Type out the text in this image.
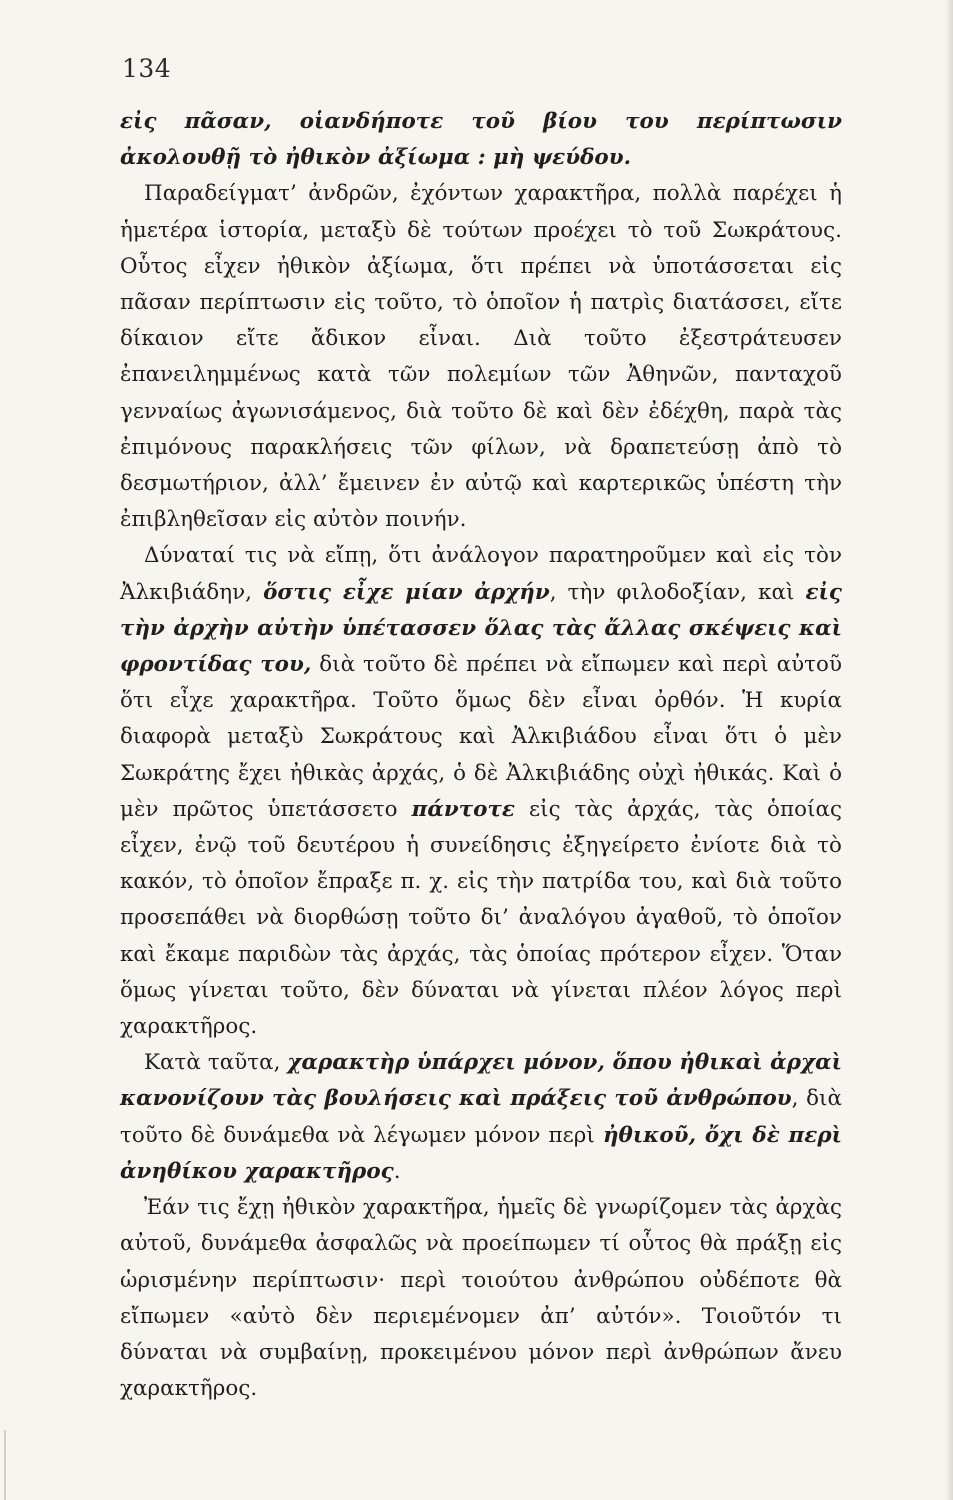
134

εἰς πᾶσαν, οἱανδήποτε τοῦ βίου του περίπτωσιν ἀκολουθῇ τὸ ἠθικὸν ἀξίωμα : μὴ ψεύδου.

Παραδείγματ’ ἀνδρῶν, ἐχόντων χαρακτῆρα, πολλὰ παρέχει ἡ ἡμετέρα ἱστορία, μεταξὺ δὲ τούτων προέχει τὸ τοῦ Σωκράτους. Οὗτος εἶχεν ἠθικὸν ἀξίωμα, ὅτι πρέπει νὰ ὑποτάσσεται εἰς πᾶσαν περίπτωσιν εἰς τοῦτο, τὸ ὁποῖον ἡ πατρὶς διατάσσει, εἴτε δίκαιον εἴτε ἄδικον εἶναι. Διὰ τοῦτο ἐξεστράτευσεν ἐπανειλημμένως κατὰ τῶν πολεμίων τῶν Ἀθηνῶν, πανταχοῦ γενναίως ἀγωνισάμενος, διὰ τοῦτο δὲ καὶ δὲν ἐδέχθη, παρὰ τὰς ἐπιμόνους παρακλήσεις τῶν φίλων, νὰ δραπετεύσῃ ἀπὸ τὸ δεσμωτήριον, ἀλλ’ ἔμεινεν ἐν αὐτῷ καὶ καρτερικῶς ὑπέστη τὴν ἐπιβληθεῖσαν εἰς αὐτὸν ποινήν.

Δύναταί τις νὰ εἴπῃ, ὅτι ἀνάλογον παρατηροῦμεν καὶ εἰς τὸν Ἀλκιβιάδην, ὅστις εἶχε μίαν ἀρχήν, τὴν φιλοδοξίαν, καὶ εἰς τὴν ἀρχὴν αὐτὴν ὑπέτασσεν ὅλας τὰς ἄλλας σκέψεις καὶ φροντίδας του, διὰ τοῦτο δὲ πρέπει νὰ εἴπωμεν καὶ περὶ αὐτοῦ ὅτι εἶχε χαρακτῆρα. Τοῦτο ὅμως δὲν εἶναι ὀρθόν. Ἡ κυρία διαφορὰ μεταξὺ Σωκράτους καὶ Ἀλκιβιάδου εἶναι ὅτι ὁ μὲν Σωκράτης ἔχει ἠθικὰς ἀρχάς, ὁ δὲ Ἀλκιβιάδης οὐχὶ ἠθικάς. Καὶ ὁ μὲν πρῶτος ὑπετάσσετο πάντοτε εἰς τὰς ἀρχάς, τὰς ὁποίας εἶχεν, ἐνῷ τοῦ δευτέρου ἡ συνείδησις ἐξηγείρετο ἐνίοτε διὰ τὸ κακόν, τὸ ὁποῖον ἔπραξε π. χ. εἰς τὴν πατρίδα του, καὶ διὰ τοῦτο προσεπάθει νὰ διορθώσῃ τοῦτο δι’ ἀναλόγου ἀγαθοῦ, τὸ ὁποῖον καὶ ἔκαμε παριδὼν τὰς ἀρχάς, τὰς ὁποίας πρότερον εἶχεν. Ὅταν ὅμως γίνεται τοῦτο, δὲν δύναται νὰ γίνεται πλέον λόγος περὶ χαρακτῆρος.

Κατὰ ταῦτα, χαρακτὴρ ὑπάρχει μόνον, ὅπου ἠθικαὶ ἀρχαὶ κανονίζουν τὰς βουλήσεις καὶ πράξεις τοῦ ἀνθρώπου, διὰ τοῦτο δὲ δυνάμεθα νὰ λέγωμεν μόνον περὶ ἠθικοῦ, ὄχι δὲ περὶ ἀνηθίκου χαρακτῆρος.

Ἐάν τις ἔχῃ ἠθικὸν χαρακτῆρα, ἡμεῖς δὲ γνωρίζομεν τὰς ἀρχὰς αὐτοῦ, δυνάμεθα ἀσφαλῶς νὰ προείπωμεν τί οὗτος θὰ πράξῃ εἰς ὡρισμένην περίπτωσιν· περὶ τοιούτου ἀνθρώπου οὐδέποτε θὰ εἴπωμεν «αὐτὸ δὲν περιεμένομεν ἀπ’ αὐτόν». Τοιοῦτόν τι δύναται νὰ συμβαίνῃ, προκειμένου μόνον περὶ ἀνθρώπων ἄνευ χαρακτῆρος.
